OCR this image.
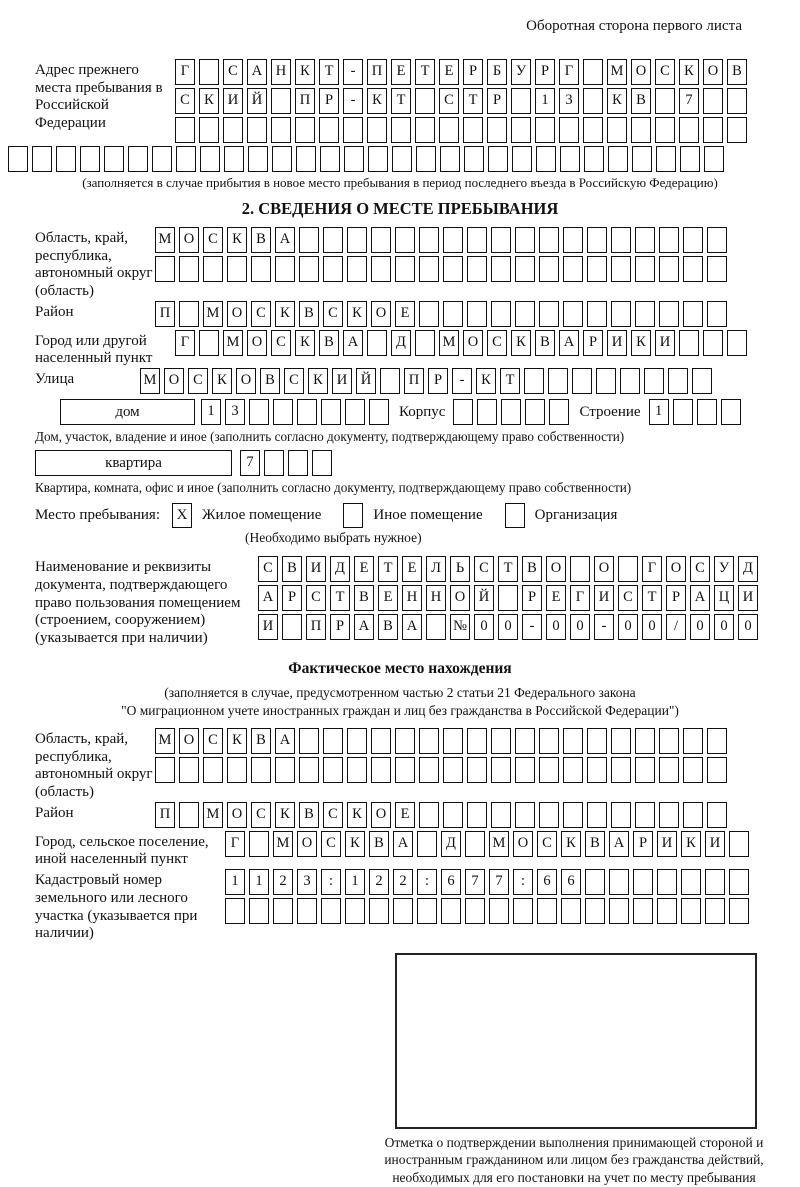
Оборотная сторона первого листа
Адрес прежнего места пребывания в Российской Федерации
Г	С А Н К	Т	-	П Е	Т	Е	Р	Б	У	Р	Г	М О С К О В
С К И Й	П	Р	-	К	Т	С	Т	Р	1	3	К В	7
(заполняется в случае прибытия в новое место пребывания в период последнего въезда в Российскую Федерацию)
2. СВЕДЕНИЯ О МЕСТЕ ПРЕБЫВАНИЯ
Область, край, республика, автономный округ (область)
М О С К В А
Район	П	М О С К В С К О Е
Город или другой населенный пункт
Г	М О С К В А	Д	М О С К В А	Р	И К И
Улица	М О С К О В С К И Й	П	Р	-	К	Т
дом	1	3	Корпус	Строение 1
Дом, участок, владение и иное (заполнить согласно документу, подтверждающему право собственности)
квартира	7
Квартира, комната, офис и иное (заполнить согласно документу, подтверждающему право собственности)
Место пребывания:	X Жилое помещение	Иное помещение	Организация
(Необходимо выбрать нужное)
Наименование и реквизиты документа, подтверждающего право пользования помещением (строением, сооружением) (указывается при наличии)
С В И Д	Е	Т	Е	Л	Ь	С	Т	В О	О	Г	О С У Д
А	Р	С	Т	В	Е Н Н О Й	Р	Е	Г	И С	Т	Р	А Ц И
И	П	Р	А В А	№ 0	0	-	0	0	-	0	0	/	0	0	0
Фактическое место нахождения
(заполняется в случае, предусмотренном частью 2 статьи 21 Федерального закона
"О миграционном учете иностранных граждан и лиц без гражданства в Российской Федерации")
Область, край, республика, автономный округ (область)
М О С К В А
Район	П	М О С К В С К О Е
Город, сельское поселение, иной населенный пункт
Г	М О С К В А	Д	М О С К В А	Р	И К И
Кадастровый номер земельного или лесного участка (указывается при наличии)
1	1	2	3	:	1	2	2	:	6	7	7	:	6	6
Отметка о подтверждении выполнения принимающей стороной и иностранным гражданином или лицом без гражданства действий, необходимых для его постановки на учет по месту пребывания
